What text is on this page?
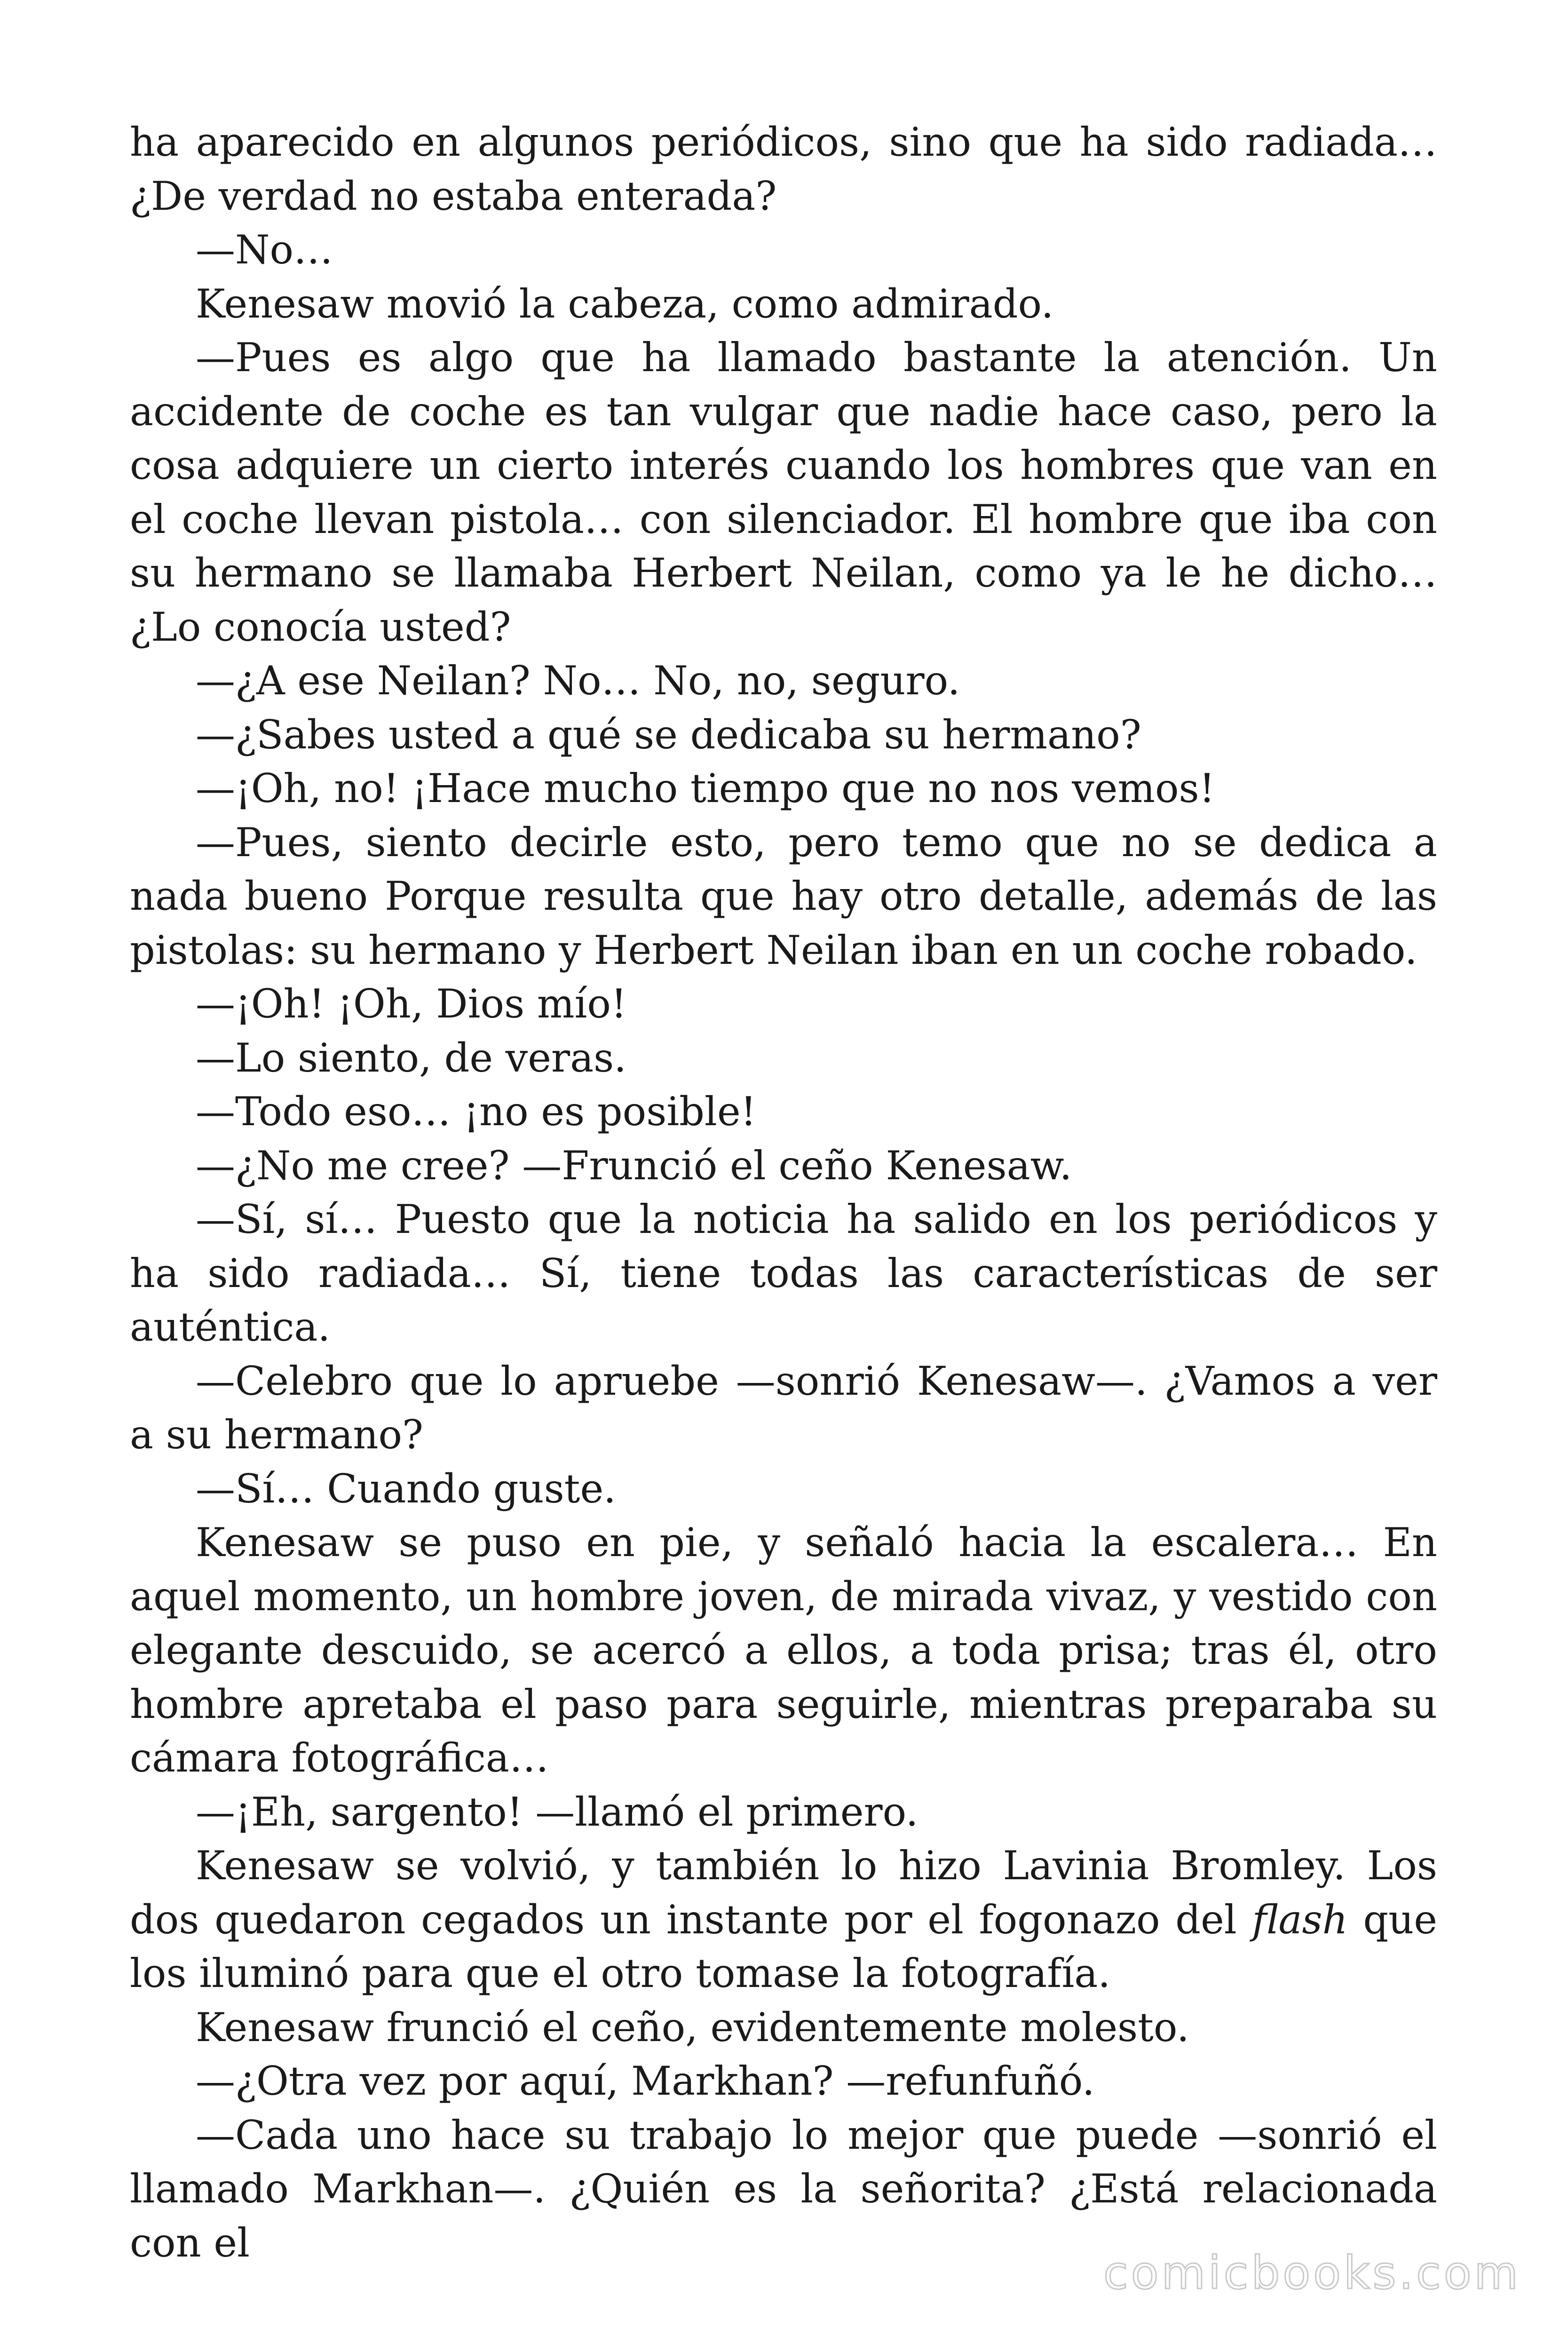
ha aparecido en algunos periódicos, sino que ha sido radiada… ¿De verdad no estaba enterada?

—No…

Kenesaw movió la cabeza, como admirado.

—Pues es algo que ha llamado bastante la atención. Un accidente de coche es tan vulgar que nadie hace caso, pero la cosa adquiere un cierto interés cuando los hombres que van en el coche llevan pistola… con silenciador. El hombre que iba con su hermano se llamaba Herbert Neilan, como ya le he dicho… ¿Lo conocía usted?

—¿A ese Neilan? No… No, no, seguro.

—¿Sabes usted a qué se dedicaba su hermano?

—¡Oh, no! ¡Hace mucho tiempo que no nos vemos!

—Pues, siento decirle esto, pero temo que no se dedica a nada bueno Porque resulta que hay otro detalle, además de las pistolas: su hermano y Herbert Neilan iban en un coche robado.

—¡Oh! ¡Oh, Dios mío!

—Lo siento, de veras.

—Todo eso… ¡no es posible!

—¿No me cree? —Frunció el ceño Kenesaw.

—Sí, sí… Puesto que la noticia ha salido en los periódicos y ha sido radiada… Sí, tiene todas las características de ser auténtica.

—Celebro que lo apruebe —sonrió Kenesaw—. ¿Vamos a ver a su hermano?

—Sí… Cuando guste.

Kenesaw se puso en pie, y señaló hacia la escalera… En aquel momento, un hombre joven, de mirada vivaz, y vestido con elegante descuido, se acercó a ellos, a toda prisa; tras él, otro hombre apretaba el paso para seguirle, mientras preparaba su cámara fotográfica…

—¡Eh, sargento! —llamó el primero.

Kenesaw se volvió, y también lo hizo Lavinia Bromley. Los dos quedaron cegados un instante por el fogonazo del flash que los iluminó para que el otro tomase la fotografía.

Kenesaw frunció el ceño, evidentemente molesto.

—¿Otra vez por aquí, Markhan? —refunfuñó.

—Cada uno hace su trabajo lo mejor que puede —sonrió el llamado Markhan—. ¿Quién es la señorita? ¿Está relacionada con el

comicbooks.com
